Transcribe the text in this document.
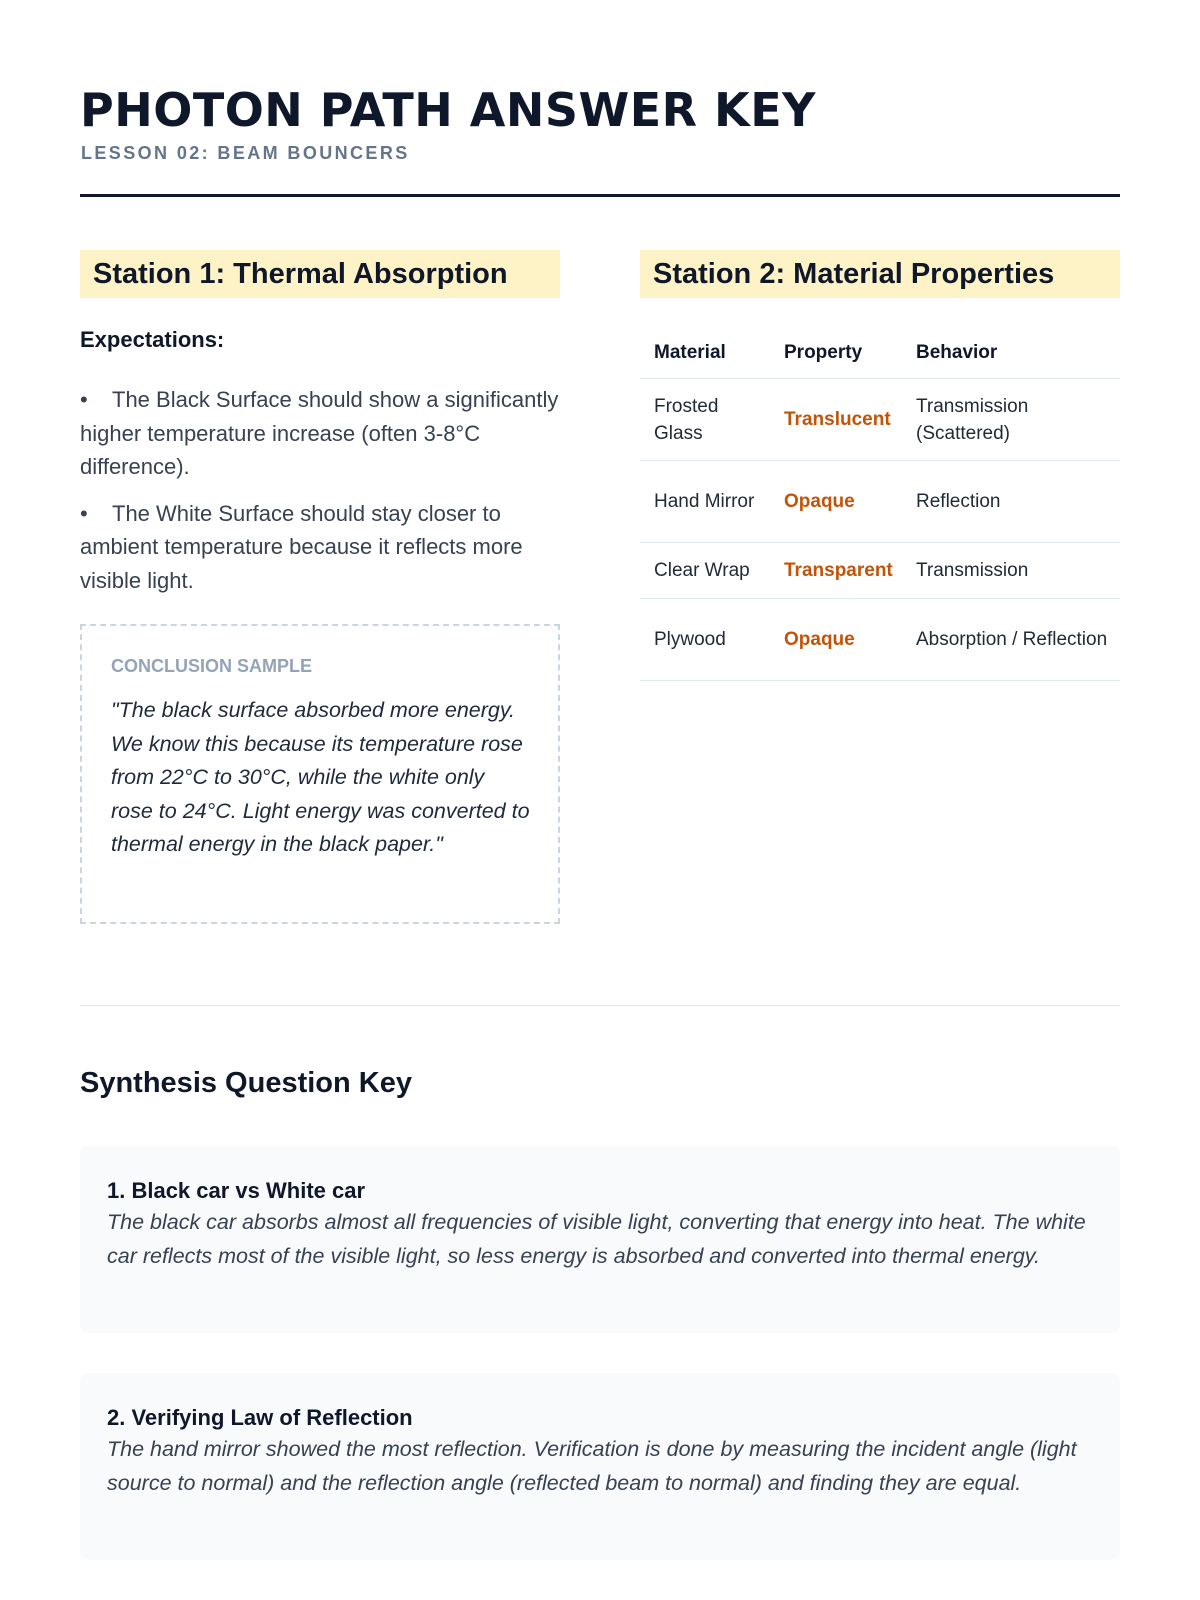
PHOTON PATH ANSWER KEY
LESSON 02: BEAM BOUNCERS
Station 1: Thermal Absorption
Expectations:
• The Black Surface should show a significantly higher temperature increase (often 3-8°C difference).
• The White Surface should stay closer to ambient temperature because it reflects more visible light.
CONCLUSION SAMPLE
"The black surface absorbed more energy. We know this because its temperature rose from 22°C to 30°C, while the white only rose to 24°C. Light energy was converted to thermal energy in the black paper."
Station 2: Material Properties
Material	Property	Behavior
Frosted Glass	Translucent	Transmission (Scattered)
Hand Mirror	Opaque	Reflection
Clear Wrap	Transparent	Transmission
Plywood	Opaque	Absorption / Reflection
Synthesis Question Key
1. Black car vs White car
The black car absorbs almost all frequencies of visible light, converting that energy into heat. The white car reflects most of the visible light, so less energy is absorbed and converted into thermal energy.
2. Verifying Law of Reflection
The hand mirror showed the most reflection. Verification is done by measuring the incident angle (light source to normal) and the reflection angle (reflected beam to normal) and finding they are equal.
